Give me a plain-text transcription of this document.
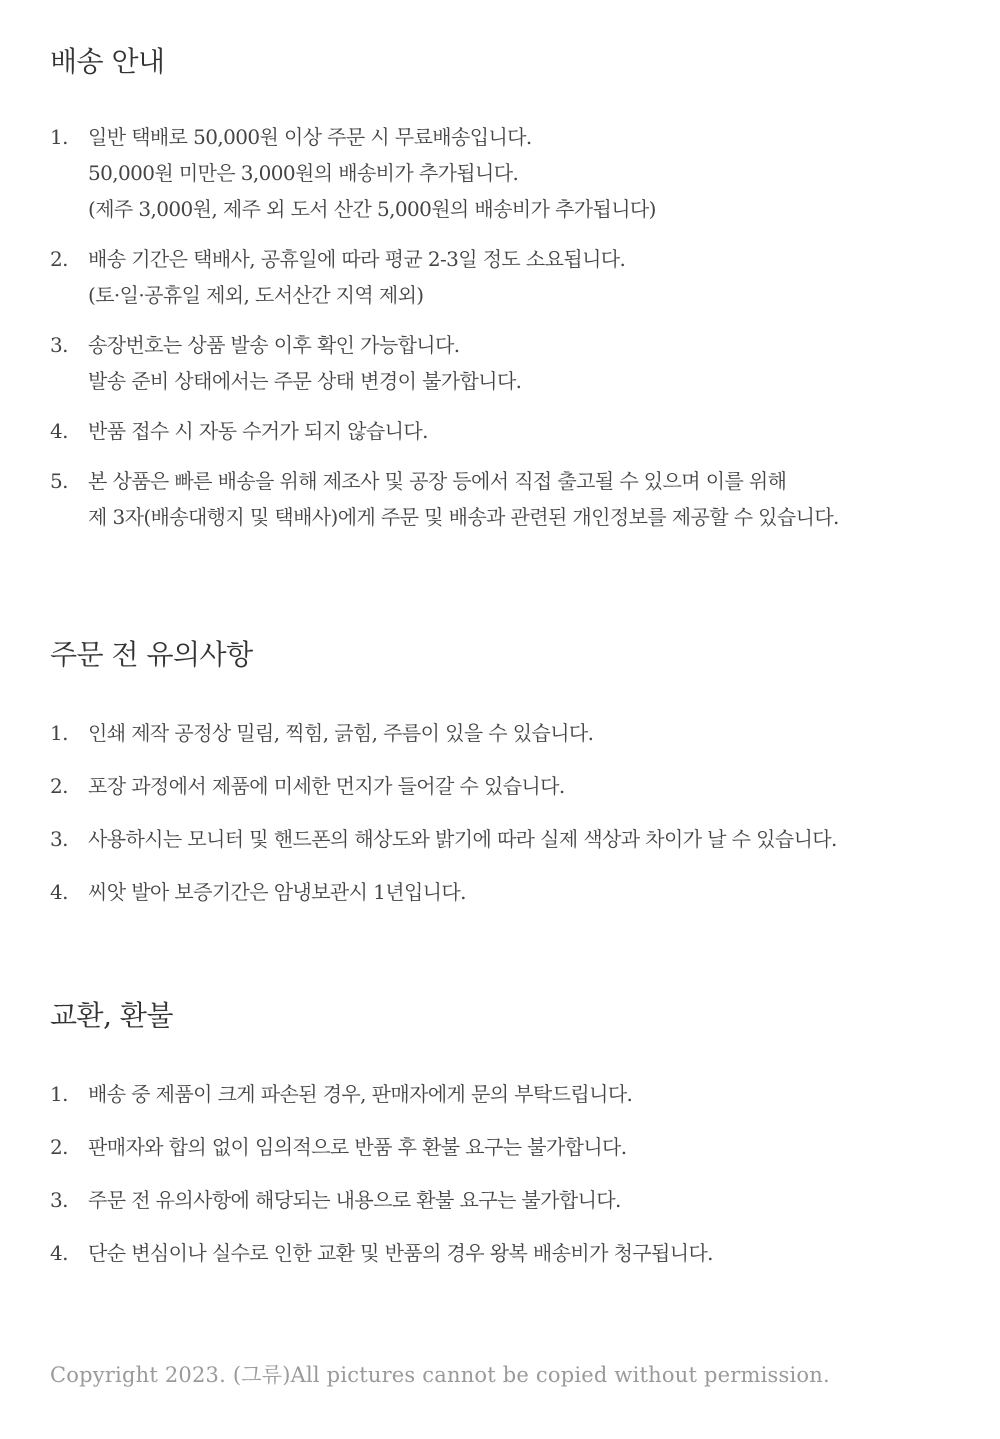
배송 안내
1. 일반 택배로 50,000원 이상 주문 시 무료배송입니다.
50,000원 미만은 3,000원의 배송비가 추가됩니다.
(제주 3,000원, 제주 외 도서 산간 5,000원의 배송비가 추가됩니다)
2. 배송 기간은 택배사, 공휴일에 따라 평균 2-3일 정도 소요됩니다.
(토·일·공휴일 제외, 도서산간 지역 제외)
3. 송장번호는 상품 발송 이후 확인 가능합니다.
발송 준비 상태에서는 주문 상태 변경이 불가합니다.
4. 반품 접수 시 자동 수거가 되지 않습니다.
5. 본 상품은 빠른 배송을 위해 제조사 및 공장 등에서 직접 출고될 수 있으며 이를 위해
제 3자(배송대행지 및 택배사)에게 주문 및 배송과 관련된 개인정보를 제공할 수 있습니다.
주문 전 유의사항
1. 인쇄 제작 공정상 밀림, 찍힘, 긁힘, 주름이 있을 수 있습니다.
2. 포장 과정에서 제품에 미세한 먼지가 들어갈 수 있습니다.
3. 사용하시는 모니터 및 핸드폰의 해상도와 밝기에 따라 실제 색상과 차이가 날 수 있습니다.
4. 씨앗 발아 보증기간은 암냉보관시 1년입니다.
교환, 환불
1. 배송 중 제품이 크게 파손된 경우, 판매자에게 문의 부탁드립니다.
2. 판매자와 합의 없이 임의적으로 반품 후 환불 요구는 불가합니다.
3. 주문 전 유의사항에 해당되는 내용으로 환불 요구는 불가합니다.
4. 단순 변심이나 실수로 인한 교환 및 반품의 경우 왕복 배송비가 청구됩니다.
Copyright 2023. (그류)All pictures cannot be copied without permission.
